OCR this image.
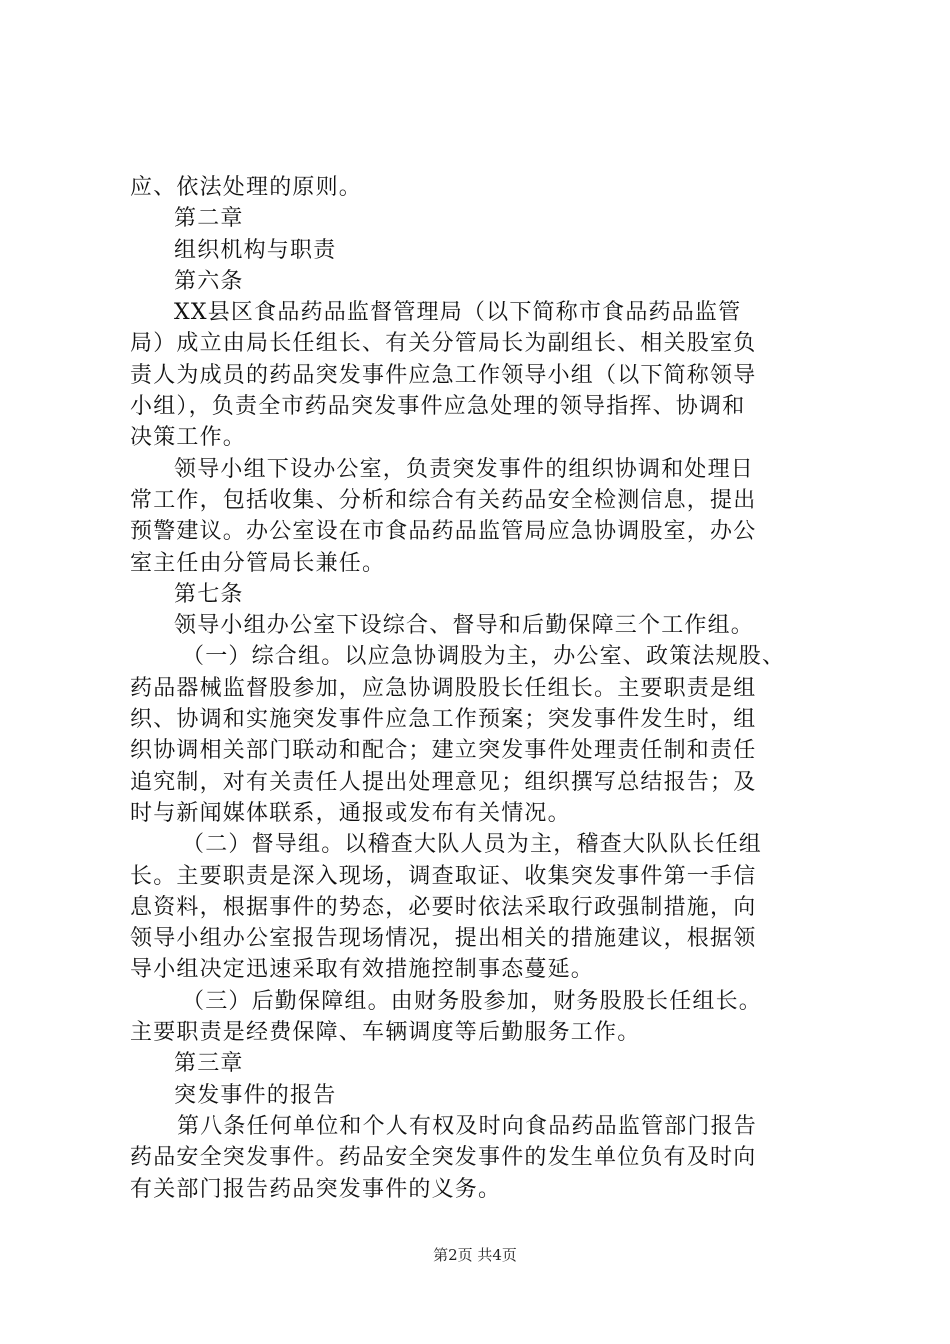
应、依法处理的原则。
第二章
组织机构与职责
第六条
XX县区食品药品监督管理局（以下简称市食品药品监管
局）成立由局长任组长、有关分管局长为副组长、相关股室负
责人为成员的药品突发事件应急工作领导小组（以下简称领导
小组），负责全市药品突发事件应急处理的领导指挥、协调和
决策工作。
领导小组下设办公室，负责突发事件的组织协调和处理日
常工作，包括收集、分析和综合有关药品安全检测信息，提出
预警建议。办公室设在市食品药品监管局应急协调股室，办公
室主任由分管局长兼任。
第七条
领导小组办公室下设综合、督导和后勤保障三个工作组。
（一）综合组。以应急协调股为主，办公室、政策法规股、
药品器械监督股参加，应急协调股股长任组长。主要职责是组
织、协调和实施突发事件应急工作预案；突发事件发生时，组
织协调相关部门联动和配合；建立突发事件处理责任制和责任
追究制，对有关责任人提出处理意见；组织撰写总结报告；及
时与新闻媒体联系，通报或发布有关情况。
（二）督导组。以稽查大队人员为主，稽查大队队长任组
长。主要职责是深入现场，调查取证、收集突发事件第一手信
息资料，根据事件的势态，必要时依法采取行政强制措施，向
领导小组办公室报告现场情况，提出相关的措施建议，根据领
导小组决定迅速采取有效措施控制事态蔓延。
（三）后勤保障组。由财务股参加，财务股股长任组长。
主要职责是经费保障、车辆调度等后勤服务工作。
第三章
突发事件的报告
第八条任何单位和个人有权及时向食品药品监管部门报告
药品安全突发事件。药品安全突发事件的发生单位负有及时向
有关部门报告药品突发事件的义务。
第2页 共4页
